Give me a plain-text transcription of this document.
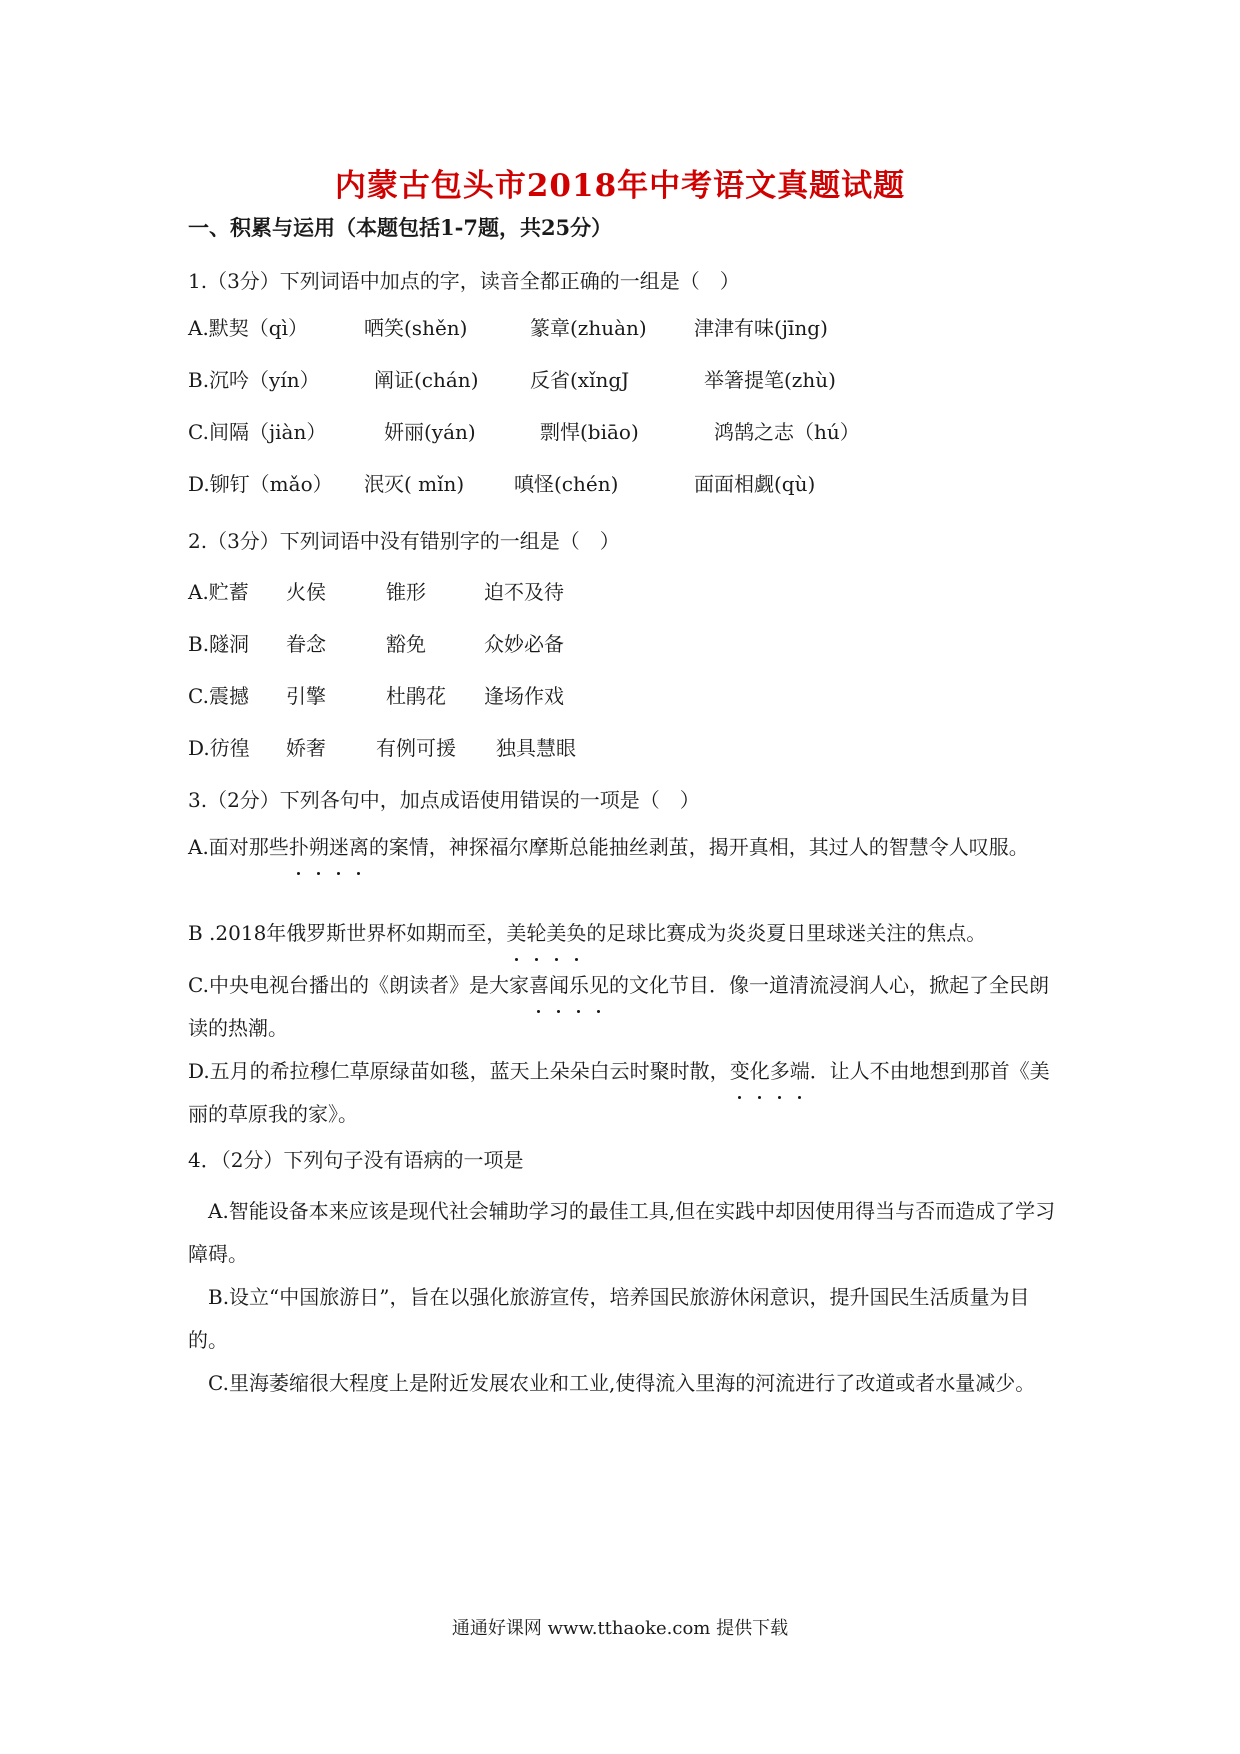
内蒙古包头市2018年中考语文真题试题
一、积累与运用（本题包括1-7题，共25分）
1.（3分）下列词语中加点的字，读音全都正确的一组是（　）
A.默契（qì）	哂笑(shěn)	篆章(zhuàn) 津津有味(jīng)
B.沉吟（yín）	阐证(chán)	反省(xǐngJ	举箸提笔(zhù)
C.间隔（jiàn）	妍丽(yán)	剽悍(biāo)	鸿鹄之志（hú）
D.铆钉（mǎo） 泯灭( mǐn) 嗔怪(chén)	面面相觑(qù)
2.（3分）下列词语中没有错别字的一组是（　）
A.贮蓄 火侯	锥形	迫不及待
B.隧洞 眷念	豁免	众妙必备
C.震撼 引擎	杜鹃花 逢场作戏
D.彷徨 娇奢	有例可援 独具慧眼
3.（2分）下列各句中，加点成语使用错误的一项是（　）
A.面对那些扑朔迷离的案情，神探福尔摩斯总能抽丝剥茧，揭开真相，其过人的智慧令人叹服。
B .2018年俄罗斯世界杯如期而至，美轮美奂的足球比赛成为炎炎夏日里球迷关注的焦点。
C.中央电视台播出的《朗读者》是大家喜闻乐见的文化节目．像一道清流浸润人心，掀起了全民朗读的热潮。
D.五月的希拉穆仁草原绿苗如毯，蓝天上朵朵白云时聚时散，变化多端．让人不由地想到那首《美丽的草原我的家》。
4．（2分）下列句子没有语病的一项是
A.智能设备本来应该是现代社会辅助学习的最佳工具,但在实践中却因使用得当与否而造成了学习障碍。
B.设立“中国旅游日”，旨在以强化旅游宣传，培养国民旅游休闲意识，提升国民生活质量为目的。
C.里海萎缩很大程度上是附近发展农业和工业,使得流入里海的河流进行了改道或者水量减少。
通通好课网 www.tthaoke.com 提供下载
